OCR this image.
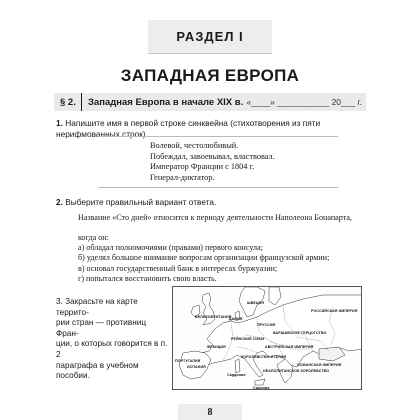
РАЗДЕЛ I
ЗАПАДНАЯ ЕВРОПА
§ 2.	Западная Европа в начале XIX в. «____» ___________ 20___ г.
1. Напишите имя в первой строке синквейна (стихотворения из пяти нерифмованных строк).
Волевой, честолюбивый.
Побеждал, завоевывал, властвовал.
Император Франции с 1804 г.
Генерал-диктатор.
2. Выберите правильный вариант ответа.
Название «Сто дней» относится к периоду деятельности Наполеона Бонапарта,
когда он:
а) обладал полномочиями (правами) первого консула;
б) уделял большое внимание вопросам организации французской армии;
в) основал государственный банк в интересах буржуазии;
г) попытался восстановить свою власть.
3. Закрасьте на карте террито-
рии стран — противниц Фран-
ции, о которых говорится в п. 2
параграфа в учебном пособии.
ВЕЛИКОБРИТАНИЯ
ШВЕЦИЯ
РОССИЙСКАЯ ИМПЕРИЯ
ПРУССИЯ
ВАРШАВСКОЕ ГЕРЦОГСТВО
РЕЙНСКИЙ СОЮЗ
ФРАНЦИЯ	АВСТРИЙСКАЯ ИМПЕРИЯ
ОСМАНСКАЯ ИМПЕРИЯ
ИСПАНИЯ
КОРОЛЕВСТВО ИТАЛИЯ
НЕАПОЛИТАНСКОЕ КОРОЛЕВСТВО
Сардиния
Сицилия
ДАНИЯ
ПОРТУГАЛИЯ
8
